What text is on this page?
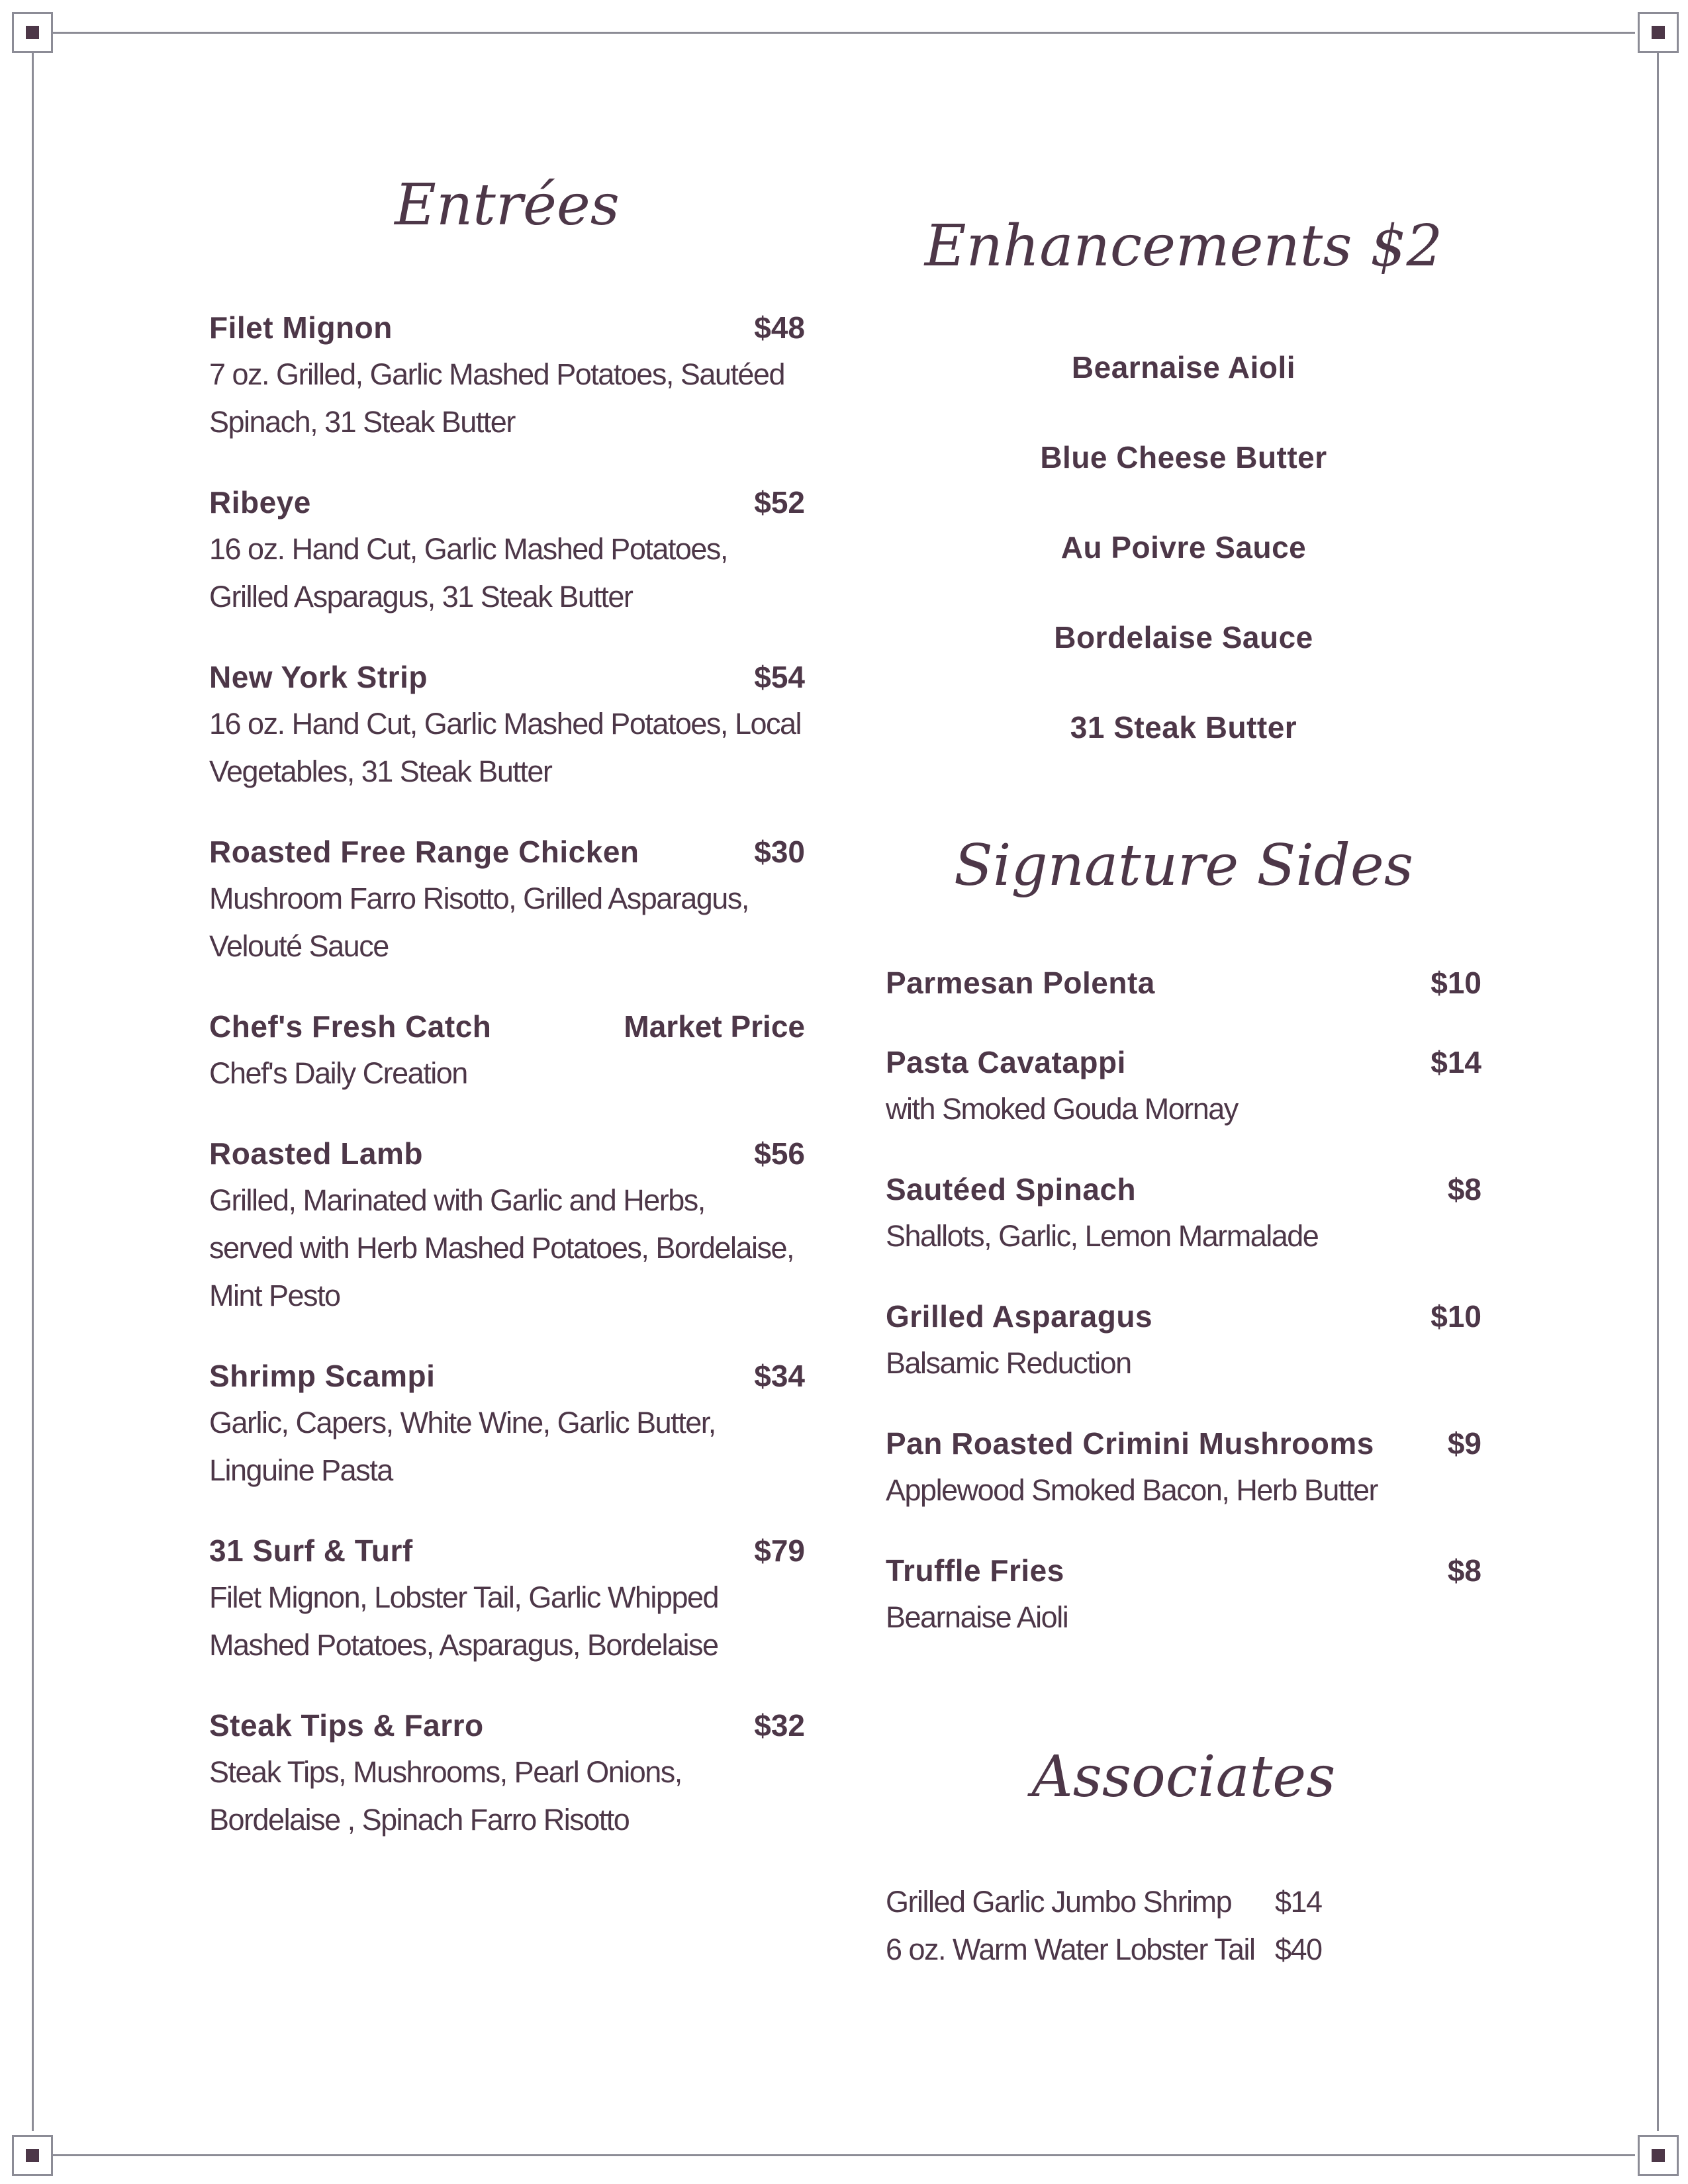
Entrées
Enhancements $2
Signature Sides
Associates
Filet Mignon	$48
7 oz. Grilled, Garlic Mashed Potatoes, Sautéed
Spinach, 31 Steak Butter
Ribeye	$52
16 oz. Hand Cut, Garlic Mashed Potatoes,
Grilled Asparagus, 31 Steak Butter
New York Strip	$54
16 oz. Hand Cut, Garlic Mashed Potatoes, Local
Vegetables, 31 Steak Butter
Roasted Free Range Chicken	$30
Mushroom Farro Risotto, Grilled Asparagus,
Velouté Sauce
Chef's Fresh Catch	Market Price
Chef's Daily Creation
Roasted Lamb	$56
Grilled, Marinated with Garlic and Herbs,
served with Herb Mashed Potatoes, Bordelaise,
Mint Pesto
Shrimp Scampi	$34
Garlic, Capers, White Wine, Garlic Butter,
Linguine Pasta
31 Surf & Turf	$79
Filet Mignon, Lobster Tail, Garlic Whipped
Mashed Potatoes, Asparagus, Bordelaise
Steak Tips & Farro	$32
Steak Tips, Mushrooms, Pearl Onions,
Bordelaise , Spinach Farro Risotto
Bearnaise Aioli
Blue Cheese Butter
Au Poivre Sauce
Bordelaise Sauce
31 Steak Butter
Parmesan Polenta	$10
Pasta Cavatappi	$14
with Smoked Gouda Mornay
Sautéed Spinach	$8
Shallots, Garlic, Lemon Marmalade
Grilled Asparagus	$10
Balsamic Reduction
Pan Roasted Crimini Mushrooms $9
Applewood Smoked Bacon, Herb Butter
Truffle Fries	$8
Bearnaise Aioli
Grilled Garlic Jumbo Shrimp	$14
6 oz. Warm Water Lobster Tail $40
